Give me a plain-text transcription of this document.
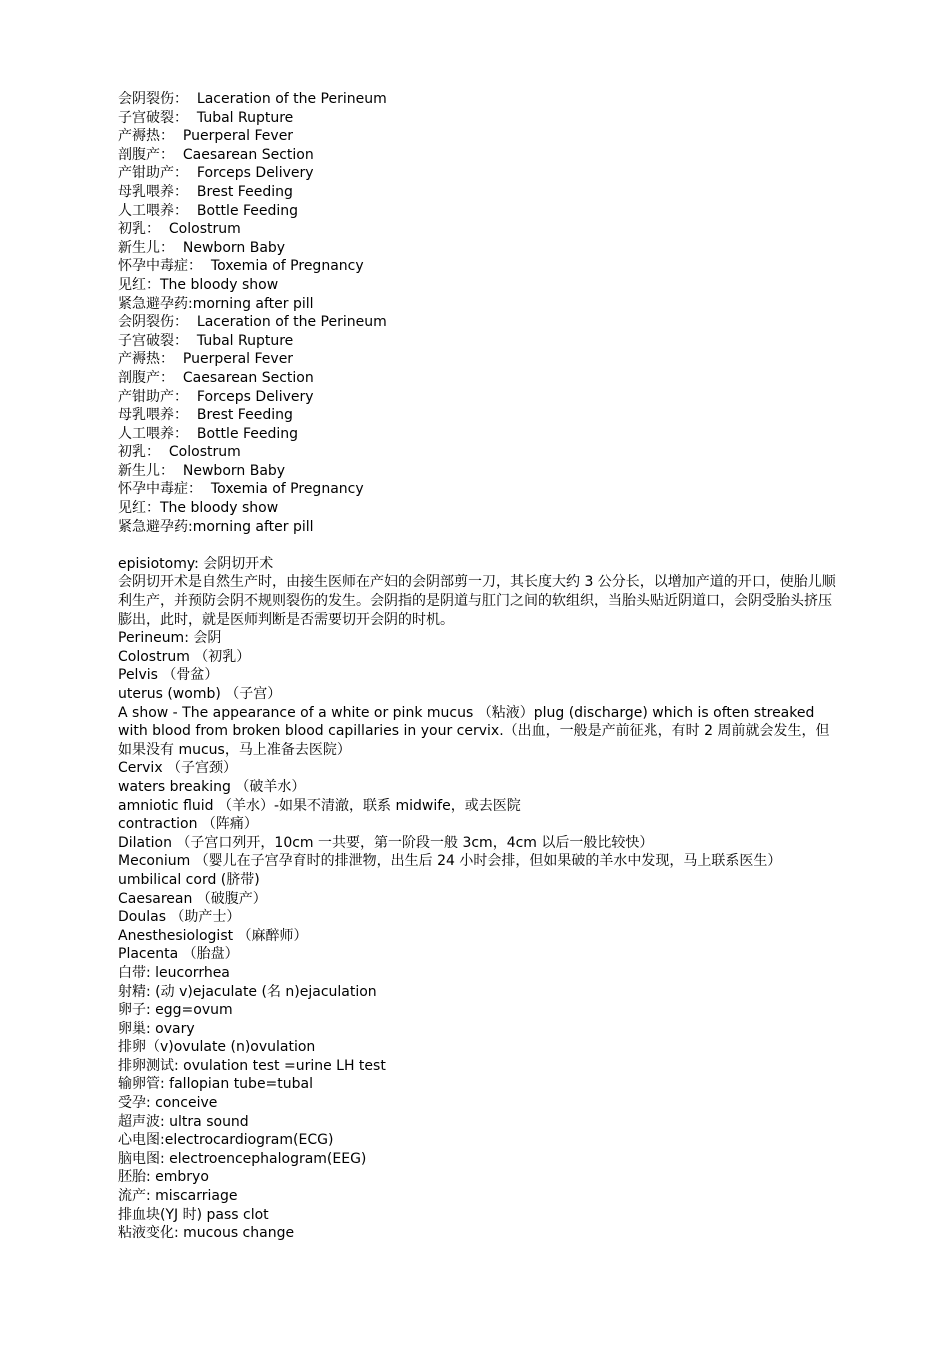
会阴裂伤：  Laceration of the Perineum
子宫破裂：  Tubal Rupture
产褥热：  Puerperal Fever
剖腹产：  Caesarean Section
产钳助产：  Forceps Delivery
母乳喂养：  Brest Feeding
人工喂养：  Bottle Feeding
初乳：  Colostrum
新生儿：  Newborn Baby
怀孕中毒症：  Toxemia of Pregnancy
见红：The bloody show
紧急避孕药:morning after pill
会阴裂伤：  Laceration of the Perineum
子宫破裂：  Tubal Rupture
产褥热：  Puerperal Fever
剖腹产：  Caesarean Section
产钳助产：  Forceps Delivery
母乳喂养：  Brest Feeding
人工喂养：  Bottle Feeding
初乳：  Colostrum
新生儿：  Newborn Baby
怀孕中毒症：  Toxemia of Pregnancy
见红：The bloody show
紧急避孕药:morning after pill
episiotomy: 会阴切开术
会阴切开术是自然生产时，由接生医师在产妇的会阴部剪一刀，其长度大约 3 公分长，以增加产道的开口，使胎儿顺利生产，并预防会阴不规则裂伤的发生。会阴指的是阴道与肛门之间的软组织，当胎头贴近阴道口，会阴受胎头挤压膨出，此时，就是医师判断是否需要切开会阴的时机。
Perineum: 会阴
Colostrum （初乳）
Pelvis （骨盆）
uterus (womb) （子宫）
A show - The appearance of a white or pink mucus （粘液）plug (discharge) which is often streaked with blood from broken blood capillaries in your cervix.（出血，一般是产前征兆，有时 2 周前就会发生，但如果没有 mucus，马上准备去医院）
Cervix （子宫颈）
waters breaking （破羊水）
amniotic fluid （羊水）-如果不清澈，联系 midwife，或去医院
contraction （阵痛）
Dilation （子宫口列开，10cm 一共要，第一阶段一般 3cm，4cm 以后一般比较快）
Meconium （婴儿在子宫孕育时的排泄物，出生后 24 小时会排，但如果破的羊水中发现，马上联系医生）
umbilical cord (脐带)
Caesarean （破腹产）
Doulas （助产士）
Anesthesiologist （麻醉师）
Placenta （胎盘）
白带: leucorrhea
射精: (动 v)ejaculate (名 n)ejaculation
卵子: egg=ovum
卵巢: ovary
排卵（v)ovulate (n)ovulation
排卵测试: ovulation test =urine LH test
输卵管: fallopian tube=tubal
受孕: conceive
超声波: ultra sound
心电图:electrocardiogram(ECG)
脑电图: electroencephalogram(EEG)
胚胎: embryo
流产: miscarriage
排血块(YJ 时) pass clot
粘液变化: mucous change
